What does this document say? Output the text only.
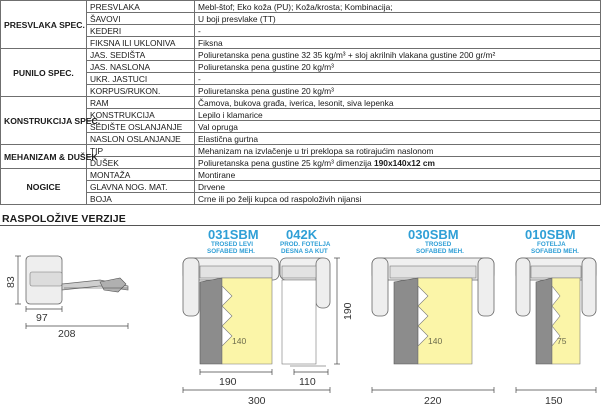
PRESVLAKA SPEC.	PRESVLAKA	Mebl-štof; Eko koža (PU); Koža/krosta; Kombinacija;
	ŠAVOVI	U boji presvlake (TT)
	KEDERI	-
	FIKSNA ILI UKLONIVA	Fiksna
PUNILO SPEC.	JAS. SEDIŠTA	Poliuretanska pena gustine 32 35 kg/m³ + sloj akrilnih vlakana gustine 200 gr/m²
	JAS. NASLONA	Poliuretanska pena gustine 20 kg/m³
	UKR. JASTUCI	-
	KORPUS/RUKON.	Poliuretanska pena gustine 20 kg/m³
KONSTRUKCIJA SPEC.	RAM	Čamova, bukova građa, iverica, lesonit, siva lepenka
	KONSTRUKCIJA	Lepilo i klamarice
	SEDIŠTE OSLANJANJE	Val opruga
	NASLON OSLANJANJE	Elastična gurtna
MEHANIZAM & DUŠEK	TIP	Mehanizam na izvlačenje u tri preklopa sa rotirajućim naslonom
	DUŠEK	Poliuretanska pena gustine 25 kg/m³ dimenzija 190x140x12 cm
NOGICE	MONTAŽA	Montirane
	GLAVNA NOG. MAT.	Drvene
	BOJA	Crne ili po želji kupca od raspoloživih nijansi
RASPOLOŽIVE VERZIJE
83
97
208
031SBM
TROSED LEVI
SOFABED MEH.
042K
PROD. FOTELJA
DESNA SA KUT
030SBM
TROSED
SOFABED MEH.
010SBM
FOTELJA
SOFABED MEH.
140
190	110
190
300
140
220
75
150
